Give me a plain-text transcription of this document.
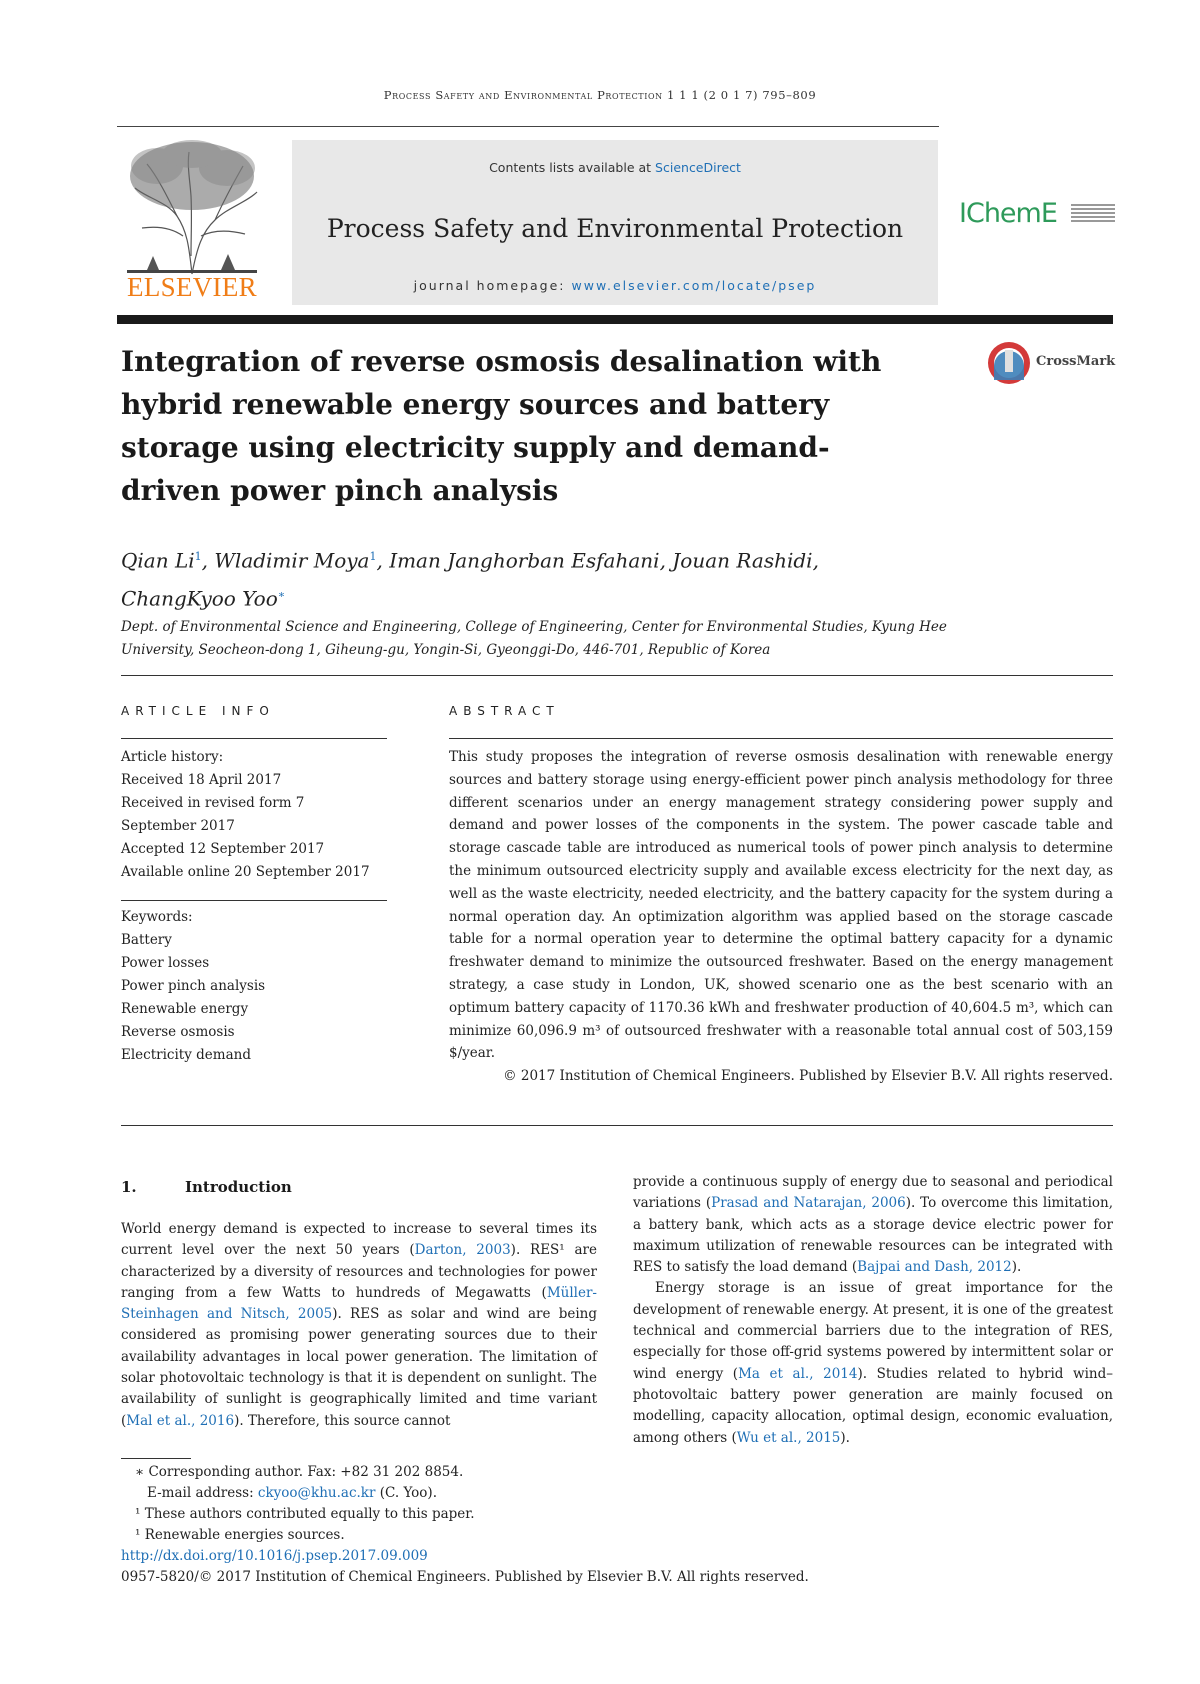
Process Safety and Environmental Protection 1 1 1 (2 0 1 7) 795–809
ELSEVIER
Contents lists available at ScienceDirect
Process Safety and Environmental Protection
journal homepage: www.elsevier.com/locate/psep
IChemE
Integration of reverse osmosis desalination with hybrid renewable energy sources and battery storage using electricity supply and demand-driven power pinch analysis
CrossMark
Qian Li$^1$, Wladimir Moya$^1$, Iman Janghorban Esfahani, Jouan Rashidi,
ChangKyoo Yoo∗
Dept. of Environmental Science and Engineering, College of Engineering, Center for Environmental Studies, Kyung Hee University, Seocheon-dong 1, Giheung-gu, Yongin-Si, Gyeonggi-Do, 446-701, Republic of Korea
ARTICLE INFO	ABSTRACT
Article history:
Received 18 April 2017
Received in revised form 7
September 2017
Accepted 12 September 2017
Available online 20 September 2017
Keywords:
Battery
Power losses
Power pinch analysis
Renewable energy
Reverse osmosis
Electricity demand
This study proposes the integration of reverse osmosis desalination with renewable energy sources and battery storage using energy-efficient power pinch analysis methodology for three different scenarios under an energy management strategy considering power supply and demand and power losses of the components in the system. The power cascade table and storage cascade table are introduced as numerical tools of power pinch analysis to determine the minimum outsourced electricity supply and available excess electricity for the next day, as well as the waste electricity, needed electricity, and the battery capacity for the system during a normal operation day. An optimization algorithm was applied based on the storage cascade table for a normal operation year to determine the optimal battery capacity for a dynamic freshwater demand to minimize the outsourced freshwater. Based on the energy management strategy, a case study in London, UK, showed scenario one as the best scenario with an optimum battery capacity of 1170.36 kWh and freshwater production of 40,604.5 m³, which can minimize 60,096.9 m³ of outsourced freshwater with a reasonable total annual cost of 503,159 $/year.
© 2017 Institution of Chemical Engineers. Published by Elsevier B.V. All rights reserved.
1.	Introduction

World energy demand is expected to increase to several times its current level over the next 50 years (Darton, 2003). RES¹ are characterized by a diversity of resources and technologies for power ranging from a few Watts to hundreds of Megawatts (Müller-Steinhagen and Nitsch, 2005). RES as solar and wind are being considered as promising power generating sources due to their availability advantages in local power generation. The limitation of solar photovoltaic technology is that it is dependent on sunlight. The availability of sunlight is geographically limited and time variant (Mal et al., 2016). Therefore, this source cannot

provide a continuous supply of energy due to seasonal and periodical variations (Prasad and Natarajan, 2006). To overcome this limitation, a battery bank, which acts as a storage device electric power for maximum utilization of renewable resources can be integrated with RES to satisfy the load demand (Bajpai and Dash, 2012).

Energy storage is an issue of great importance for the development of renewable energy. At present, it is one of the greatest technical and commercial barriers due to the integration of RES, especially for those off-grid systems powered by intermittent solar or wind energy (Ma et al., 2014). Studies related to hybrid wind–photovoltaic battery power generation are mainly focused on modelling, capacity allocation, optimal design, economic evaluation, among others (Wu et al., 2015).

∗ Corresponding author. Fax: +82 31 202 8854.
E-mail address: ckyoo@khu.ac.kr (C. Yoo).
¹ These authors contributed equally to this paper.
¹ Renewable energies sources.
http://dx.doi.org/10.1016/j.psep.2017.09.009
0957-5820/© 2017 Institution of Chemical Engineers. Published by Elsevier B.V. All rights reserved.
